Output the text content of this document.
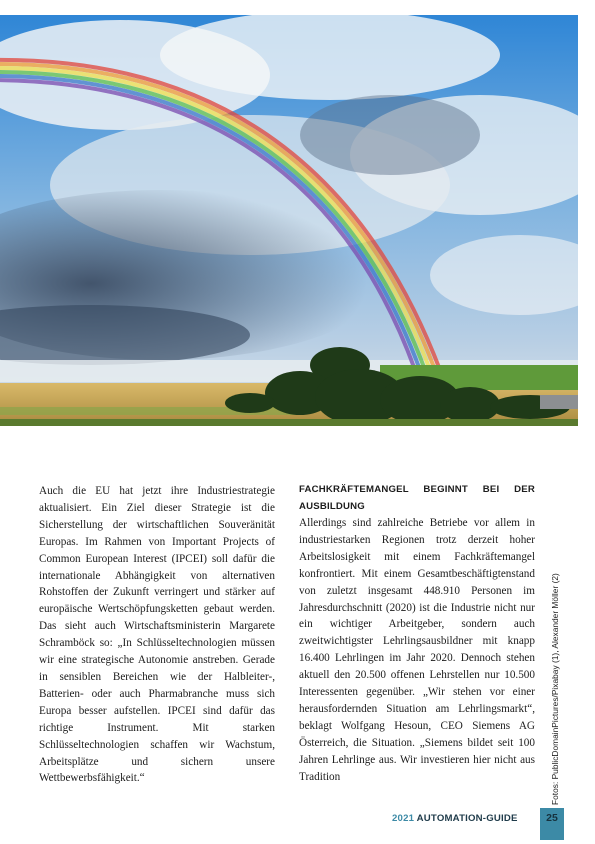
Auch die EU hat jetzt ihre Industriestrategie aktualisiert. Ein Ziel dieser Strategie ist die Sicherstellung der wirtschaftlichen Souveränität Europas. Im Rahmen von Important Projects of Common European Interest (IPCEI) soll dafür die internationale Abhängigkeit von alternativen Rohstoffen der Zukunft verringert und stärker auf europäische Wertschöpfungsketten gebaut werden. Das sieht auch Wirtschaftsministerin Margarete Schramböck so: „In Schlüsseltechnologien müssen wir eine strategische Autonomie anstreben. Gerade in sensiblen Bereichen wie der Halbleiter-, Batterien- oder auch Pharmabranche muss sich Europa besser aufstellen. IPCEI sind dafür das richtige Instrument. Mit starken Schlüsseltechnologien schaffen wir Wachstum, Arbeitsplätze und sichern unsere Wettbewerbsfähigkeit.“

FACHKRÄFTEMANGEL BEGINNT BEI DER AUSBILDUNG

Allerdings sind zahlreiche Betriebe vor allem in industriestarken Regionen trotz derzeit hoher Arbeitslosigkeit mit einem Fachkräftemangel konfrontiert. Mit einem Gesamtbeschäftigtenstand von zuletzt insgesamt 448.910 Personen im Jahresdurchschnitt (2020) ist die Industrie nicht nur ein wichtiger Arbeitgeber, sondern auch zweitwichtigster Lehrlingsausbildner mit knapp 16.400 Lehrlingen im Jahr 2020. Dennoch stehen aktuell den 20.500 offenen Lehrstellen nur 10.500 Interessenten gegenüber. „Wir stehen vor einer herausfordernden Situation am Lehrlingsmarkt“, beklagt Wolfgang Hesoun, CEO Siemens AG Österreich, die Situation. „Siemens bildet seit 100 Jahren Lehrlinge aus. Wir investieren hier nicht aus Tradition	Fotos: PublicDomainPictures/Pixabay (1), Alexander Möller (2)
2021 AUTOMATION-GUIDE	25
